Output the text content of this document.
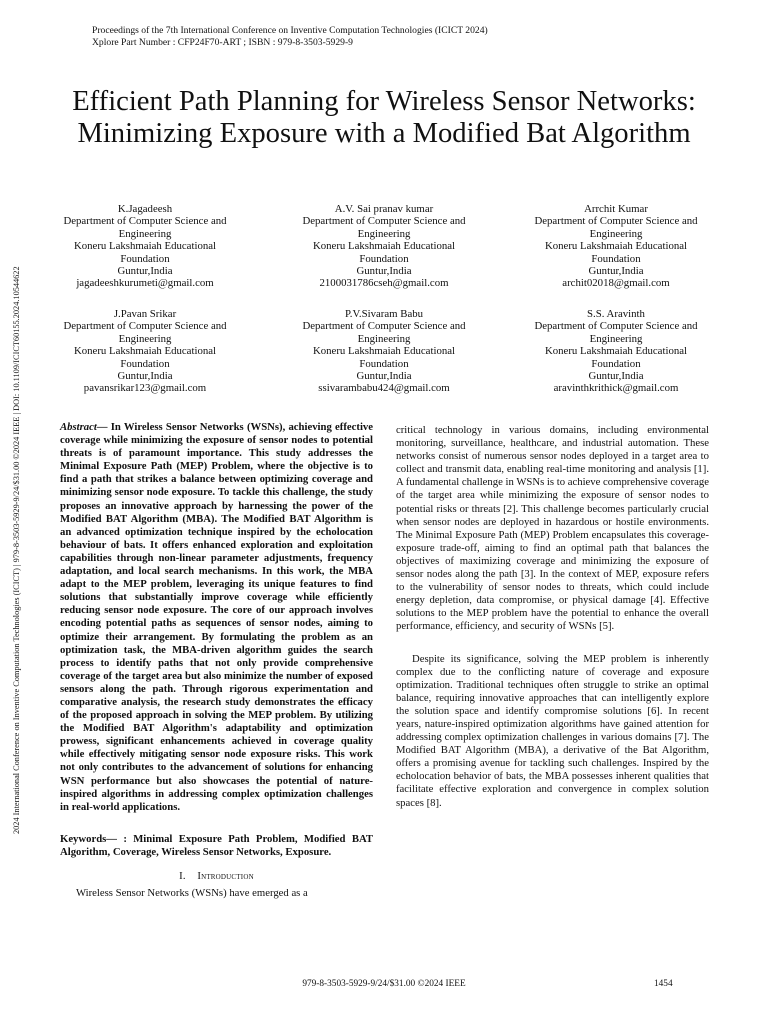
Proceedings of the 7th International Conference on Inventive Computation Technologies (ICICT 2024)
Xplore Part Number : CFP24F70-ART ; ISBN : 979-8-3503-5929-9
2024 International Conference on Inventive Computation Technologies (ICICT) | 979-8-3503-5929-9/24/$31.00 ©2024 IEEE | DOI: 10.1109/ICICT60155.2024.10544622
Efficient Path Planning for Wireless Sensor Networks: Minimizing Exposure with a Modified Bat Algorithm
K.Jagadeesh
Department of Computer Science and
Engineering
Koneru Lakshmaiah Educational
Foundation
Guntur,India
jagadeeshkurumeti@gmail.com
A.V. Sai pranav kumar
Department of Computer Science and
Engineering
Koneru Lakshmaiah Educational
Foundation
Guntur,India
2100031786cseh@gmail.com
Arrchit Kumar
Department of Computer Science and
Engineering
Koneru Lakshmaiah Educational
Foundation
Guntur,India
archit02018@gmail.com
J.Pavan Srikar
Department of Computer Science and
Engineering
Koneru Lakshmaiah Educational
Foundation
Guntur,India
pavansrikar123@gmail.com
P.V.Sivaram Babu
Department of Computer Science and
Engineering
Koneru Lakshmaiah Educational
Foundation
Guntur,India
ssivarambabu424@gmail.com
S.S. Aravinth
Department of Computer Science and
Engineering
Koneru Lakshmaiah Educational
Foundation
Guntur,India
aravinthkrithick@gmail.com
Abstract— In Wireless Sensor Networks (WSNs), achieving effective coverage while minimizing the exposure of sensor nodes to potential threats is of paramount importance. This study addresses the Minimal Exposure Path (MEP) Problem, where the objective is to find a path that strikes a balance between optimizing coverage and minimizing sensor node exposure. To tackle this challenge, the study proposes an innovative approach by harnessing the power of the Modified BAT Algorithm (MBA). The Modified BAT Algorithm is an advanced optimization technique inspired by the echolocation behaviour of bats. It offers enhanced exploration and exploitation capabilities through non-linear parameter adjustments, frequency adaptation, and local search mechanisms. In this work, the MBA adapt to the MEP problem, leveraging its unique features to find solutions that substantially improve coverage while efficiently reducing sensor node exposure. The core of our approach involves encoding potential paths as sequences of sensor nodes, aiming to optimize their arrangement. By formulating the problem as an optimization task, the MBA-driven algorithm guides the search process to identify paths that not only provide comprehensive coverage of the target area but also minimize the number of exposed sensors along the path. Through rigorous experimentation and comparative analysis, the research study demonstrates the efficacy of the proposed approach in solving the MEP problem. By utilizing the Modified BAT Algorithm's adaptability and optimization prowess, significant enhancements achieved in coverage quality while effectively mitigating sensor node exposure risks. This work not only contributes to the advancement of solutions for enhancing WSN performance but also showcases the potential of nature-inspired algorithms in addressing complex optimization challenges in real-world applications.
Keywords— : Minimal Exposure Path Problem, Modified BAT Algorithm, Coverage, Wireless Sensor Networks, Exposure.
I. Introduction

Wireless Sensor Networks (WSNs) have emerged as a

critical technology in various domains, including environmental monitoring, surveillance, healthcare, and industrial automation. These networks consist of numerous sensor nodes deployed in a target area to collect and transmit data, enabling real-time monitoring and analysis [1]. A fundamental challenge in WSNs is to achieve comprehensive coverage of the target area while minimizing the exposure of sensor nodes to potential risks or threats [2]. This challenge becomes particularly crucial when sensor nodes are deployed in hazardous or hostile environments. The Minimal Exposure Path (MEP) Problem encapsulates this coverage-exposure trade-off, aiming to find an optimal path that balances the objectives of maximizing coverage and minimizing the exposure of sensor nodes along the path [3]. In the context of MEP, exposure refers to the vulnerability of sensor nodes to threats, which could include energy depletion, data compromise, or physical damage [4]. Effective solutions to the MEP problem have the potential to enhance the overall performance, efficiency, and security of WSNs [5].

Despite its significance, solving the MEP problem is inherently complex due to the conflicting nature of coverage and exposure optimization. Traditional techniques often struggle to strike an optimal balance, requiring innovative approaches that can intelligently explore the solution space and identify compromise solutions [6]. In recent years, nature-inspired optimization algorithms have gained attention for addressing complex optimization challenges in various domains [7]. The Modified BAT Algorithm (MBA), a derivative of the Bat Algorithm, offers a promising avenue for tackling such challenges. Inspired by the echolocation behavior of bats, the MBA possesses inherent qualities that facilitate effective exploration and convergence in complex solution spaces [8].

979-8-3503-5929-9/24/$31.00 ©2024 IEEE	1454
